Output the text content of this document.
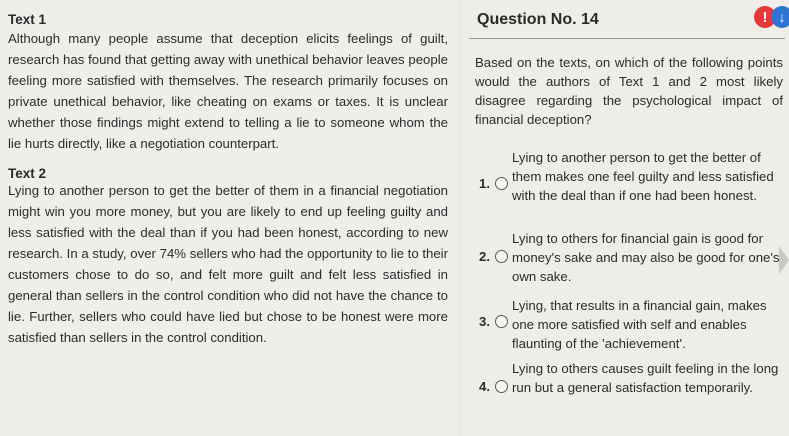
Text 1
Although many people assume that deception elicits feelings of guilt, research has found that getting away with unethical behavior leaves people feeling more satisfied with themselves. The research primarily focuses on private unethical behavior, like cheating on exams or taxes. It is unclear whether those findings might extend to telling a lie to someone whom the lie hurts directly, like a negotiation counterpart.
Text 2
Lying to another person to get the better of them in a financial negotiation might win you more money, but you are likely to end up feeling guilty and less satisfied with the deal than if you had been honest, according to new research. In a study, over 74% sellers who had the opportunity to lie to their customers chose to do so, and felt more guilt and felt less satisfied in general than sellers in the control condition who did not have the chance to lie. Further, sellers who could have lied but chose to be honest were more satisfied than sellers in the control condition.
Question No. 14	! ↓
Based on the texts, on which of the following points would the authors of Text 1 and 2 most likely disagree regarding the psychological impact of financial deception?
1.
Lying to another person to get the better of them makes one feel guilty and less satisfied with the deal than if one had been honest.
2.
Lying to others for financial gain is good for money's sake and may also be good for one's own sake.
3.
Lying, that results in a financial gain, makes one more satisfied with self and enables flaunting of the 'achievement'.
4.
Lying to others causes guilt feeling in the long run but a general satisfaction temporarily.
